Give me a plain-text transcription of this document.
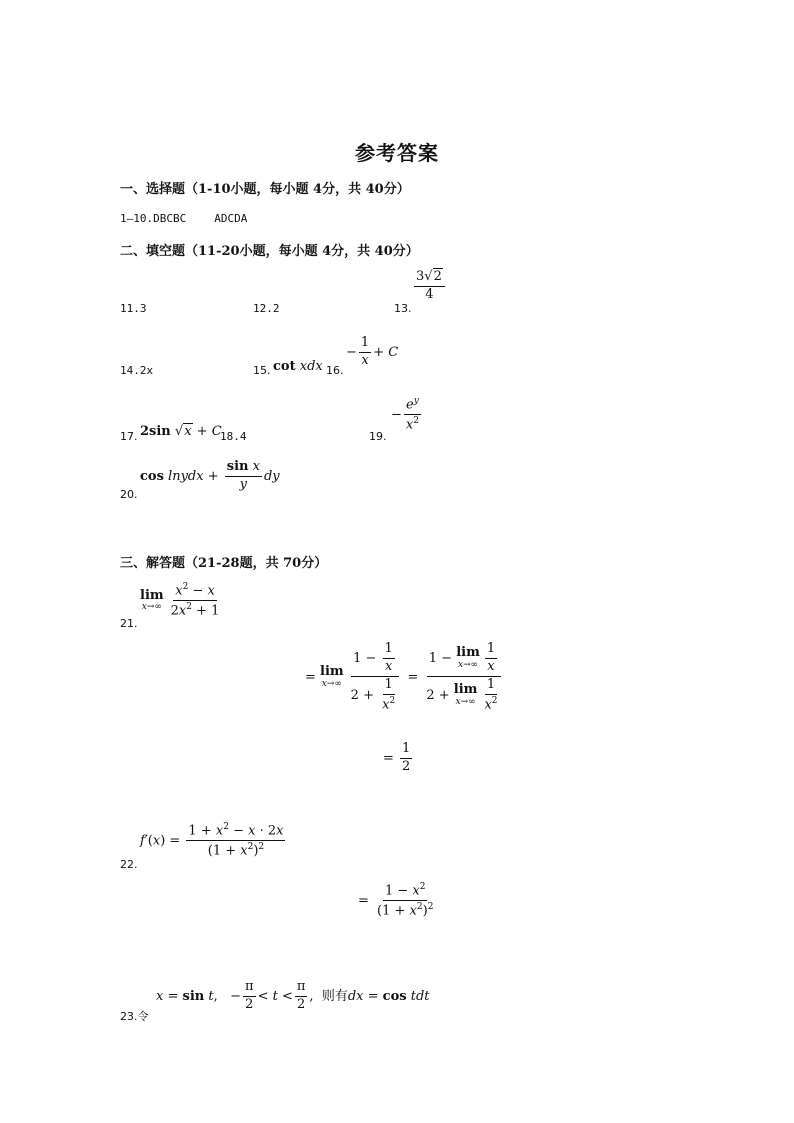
参考答案
一、选择题（1-10小题，每小题 4分，共 40分）
1—10.DBCBC	ADCDA
二、填空题（11-20小题，每小题 4分，共 40分）
11.3	12.2	13.
$\frac{3√2}{4}$
14.2x	15. cot xdx 16.
− $\frac{1}{x} + C$
17. 2sin √x + C
18.4	19.
− $\frac{e^y}{x^2}$
20.
cos lnydx + $\frac{\text{sin x}}{y}$ dy
三、解答题（21-28题，共 70分）
21.
lim
$x\to\infty \frac{x^2 - x}{2x^2 + 1}$
= lim
$x\to\infty \frac{1 - \frac{1}{x}}{2 + \frac{1}{x^2}} = 1 - \lim$
$x\to\infty \frac{1}{x}$
2 + lim
$x\to\infty \frac{1}{x^2}$
= $\frac{1}{2}$
22.
$f'(x) = \frac{1 + x^2 - x \cdot 2x}{(1 + x^2)^2}$
= $\frac{1 - x^2}{(1 + x^2)^2}$
23.令
x = sin t,   − $\frac{\pi}{2} < t < \frac{\pi}{2}$ ,  则有dx = cos tdt
